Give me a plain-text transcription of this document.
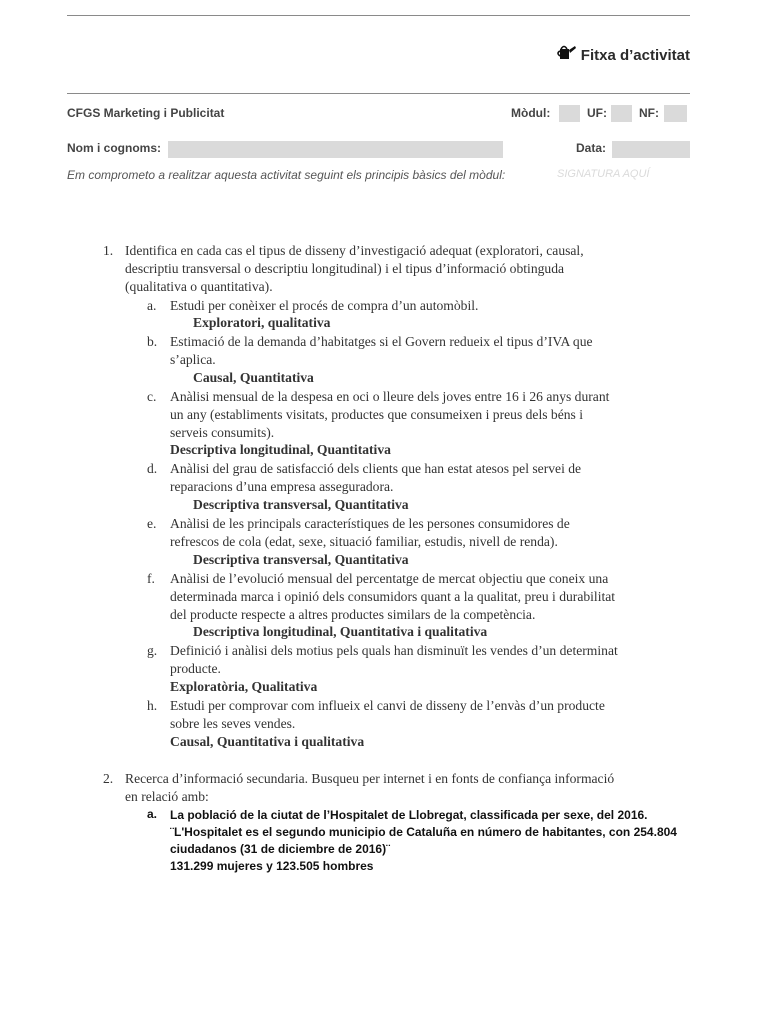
Fitxa d’activitat
CFGS Marketing i Publicitat	Mòdul:	UF:	NF:
Nom i cognoms:	Data:
Em comprometo a realitzar aquesta activitat seguint els principis bàsics del mòdul:	SIGNATURA AQUÍ
1. Identifica en cada cas el tipus de disseny d’investigació adequat (exploratori, causal,
descriptiu transversal o descriptiu longitudinal) i el tipus d’informació obtinguda
(qualitativa o quantitativa).
a. Estudi per conèixer el procés de compra d’un automòbil.
Exploratori, qualitativa
b. Estimació de la demanda d’habitatges si el Govern redueix el tipus d’IVA que
s’aplica.
Causal, Quantitativa
c. Anàlisi mensual de la despesa en oci o lleure dels joves entre 16 i 26 anys durant
un any (establiments visitats, productes que consumeixen i preus dels béns i
serveis consumits).
Descriptiva longitudinal, Quantitativa
d. Anàlisi del grau de satisfacció dels clients que han estat atesos pel servei de
reparacions d’una empresa asseguradora.
Descriptiva transversal, Quantitativa
e. Anàlisi de les principals característiques de les persones consumidores de
refrescos de cola (edat, sexe, situació familiar, estudis, nivell de renda).
Descriptiva transversal, Quantitativa
f. Anàlisi de l’evolució mensual del percentatge de mercat objectiu que coneix una
determinada marca i opinió dels consumidors quant a la qualitat, preu i durabilitat
del producte respecte a altres productes similars de la competència.
Descriptiva longitudinal, Quantitativa i qualitativa
g. Definició i anàlisi dels motius pels quals han disminuït les vendes d’un determinat
producte.
Exploratòria, Qualitativa
h. Estudi per comprovar com influeix el canvi de disseny de l’envàs d’un producte
sobre les seves vendes.
Causal, Quantitativa i qualitativa
2. Recerca d’informació secundaria. Busqueu per internet i en fonts de confiança informació
en relació amb:
a. La població de la ciutat de l’Hospitalet de Llobregat, classificada per sexe, del 2016.
¨L'Hospitalet es el segundo municipio de Cataluña en número de habitantes, con 254.804
ciudadanos (31 de diciembre de 2016)¨
131.299 mujeres y 123.505 hombres
